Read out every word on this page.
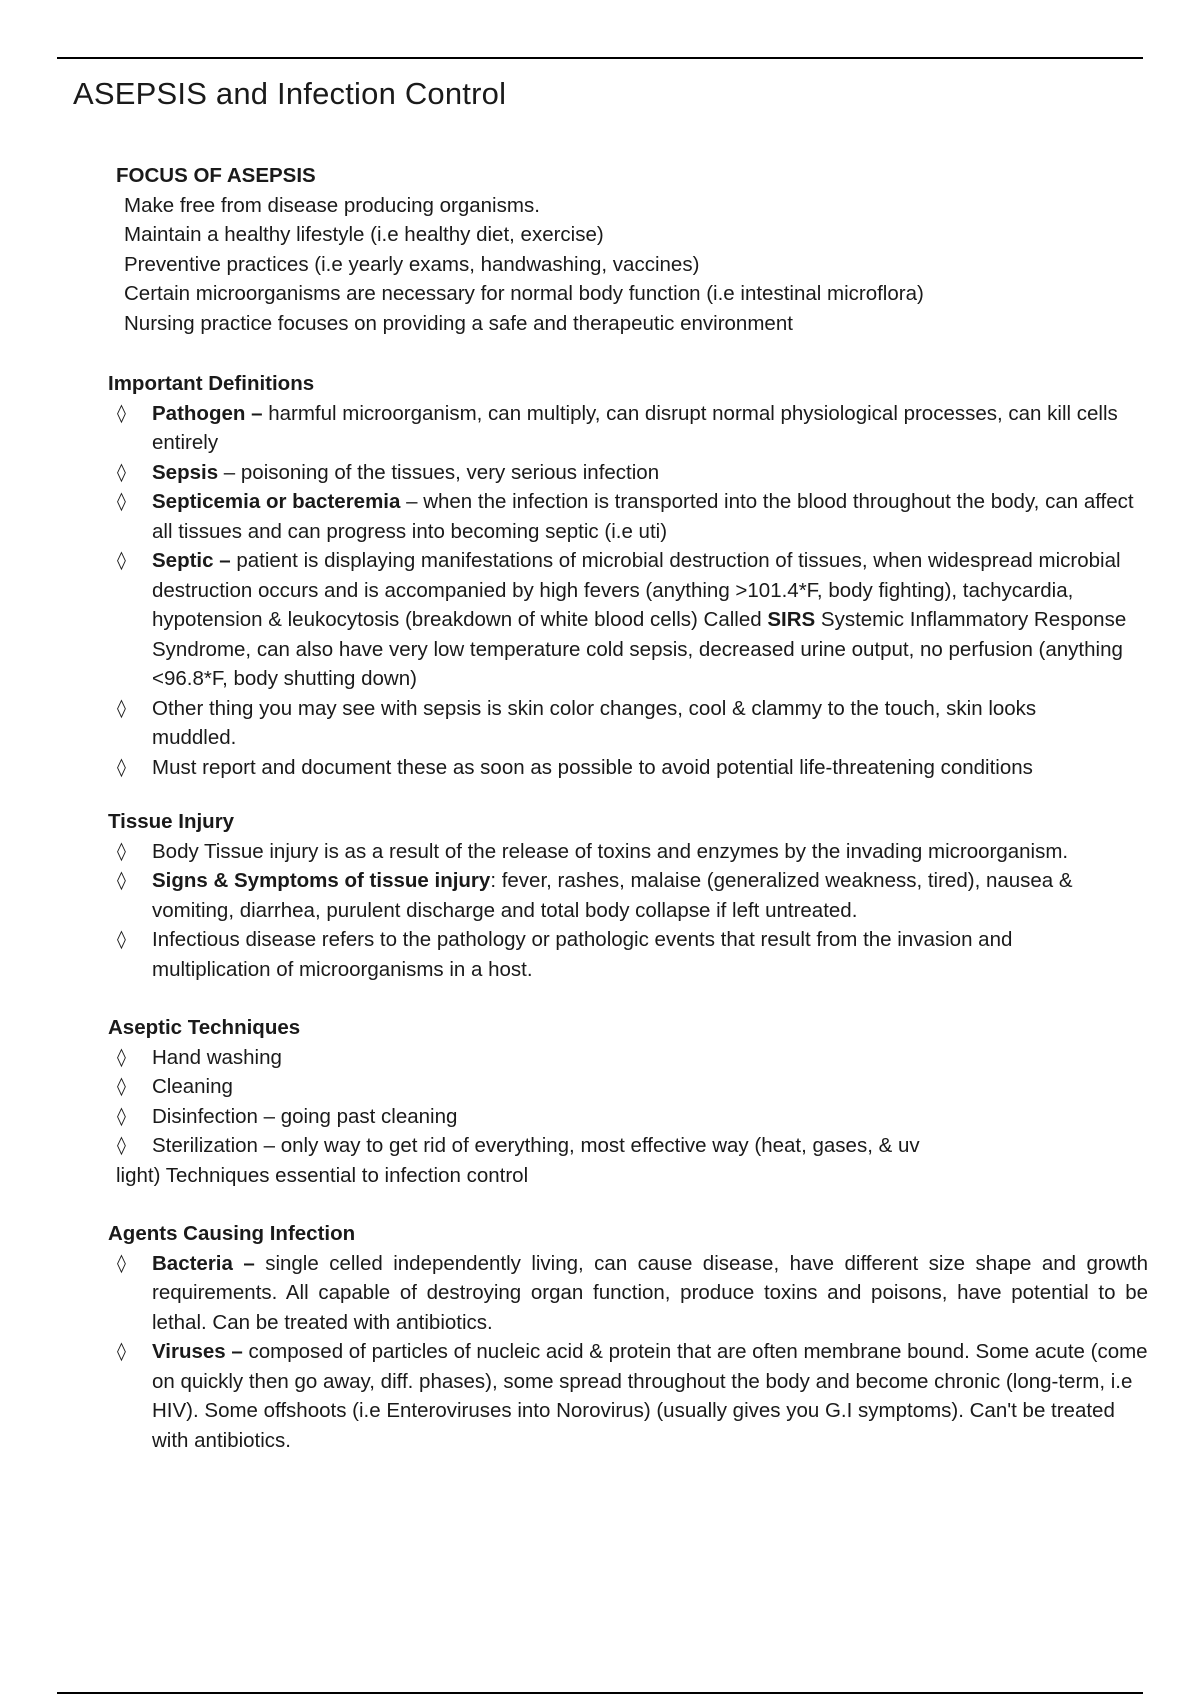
ASEPSIS and Infection Control

FOCUS OF ASEPSIS

Make free from disease producing organisms.

Maintain a healthy lifestyle (i.e healthy diet, exercise)

Preventive practices (i.e yearly exams, handwashing, vaccines)

Certain microorganisms are necessary for normal body function (i.e intestinal microflora)

Nursing practice focuses on providing a safe and therapeutic environment

Important Definitions

◊ Pathogen – harmful microorganism, can multiply, can disrupt normal physiological processes, can kill cells entirely
◊ Sepsis – poisoning of the tissues, very serious infection
◊ Septicemia or bacteremia – when the infection is transported into the blood throughout the body, can affect all tissues and can progress into becoming septic (i.e uti)
◊ Septic – patient is displaying manifestations of microbial destruction of tissues, when widespread microbial destruction occurs and is accompanied by high fevers (anything >101.4*F, body fighting), tachycardia, hypotension & leukocytosis (breakdown of white blood cells) Called SIRS Systemic Inflammatory Response Syndrome, can also have very low temperature cold sepsis, decreased urine output, no perfusion (anything <96.8*F, body shutting down)
◊ Other thing you may see with sepsis is skin color changes, cool & clammy to the touch, skin looks muddled.
◊ Must report and document these as soon as possible to avoid potential life-threatening conditions

Tissue Injury

◊ Body Tissue injury is as a result of the release of toxins and enzymes by the invading microorganism.
◊ Signs & Symptoms of tissue injury: fever, rashes, malaise (generalized weakness, tired), nausea & vomiting, diarrhea, purulent discharge and total body collapse if left untreated.
◊ Infectious disease refers to the pathology or pathologic events that result from the invasion and multiplication of microorganisms in a host.

Aseptic Techniques

◊ Hand washing
◊ Cleaning
◊ Disinfection – going past cleaning
◊ Sterilization – only way to get rid of everything, most effective way (heat, gases, & uv

light) Techniques essential to infection control

Agents Causing Infection

◊ Bacteria – single celled independently living, can cause disease, have different size shape and growth requirements. All capable of destroying organ function, produce toxins and poisons, have potential to be lethal. Can be treated with antibiotics.
◊ Viruses – composed of particles of nucleic acid & protein that are often membrane bound. Some acute (come on quickly then go away, diff. phases), some spread throughout the body and become chronic (long-term, i.e HIV). Some offshoots (i.e Enteroviruses into Norovirus) (usually gives you G.I symptoms). Can't be treated with antibiotics.
